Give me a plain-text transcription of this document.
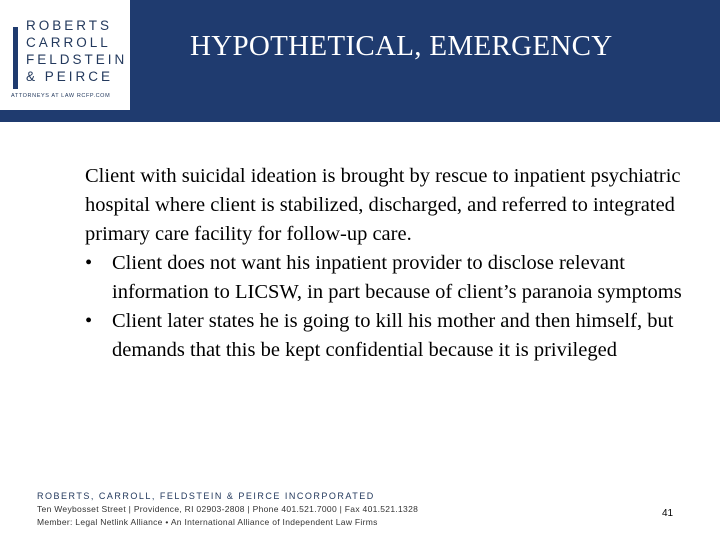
ROBERTS
CARROLL
FELDSTEIN
& PEIRCE
ATTORNEYS AT LAW RCFP.COM
HYPOTHETICAL, EMERGENCY

Client with suicidal ideation is brought by rescue to inpatient psychiatric hospital where client is stabilized, discharged, and referred to integrated primary care facility for follow-up care.

• Client does not want his inpatient provider to disclose relevant information to LICSW, in part because of client’s paranoia symptoms
• Client later states he is going to kill his mother and then himself, but demands that this be kept confidential because it is privileged
ROBERTS, CARROLL, FELDSTEIN & PEIRCE INCORPORATED
Ten Weybosset Street | Providence, RI 02903-2808 | Phone 401.521.7000 | Fax 401.521.1328
Member: Legal Netlink Alliance • An International Alliance of Independent Law Firms
41
